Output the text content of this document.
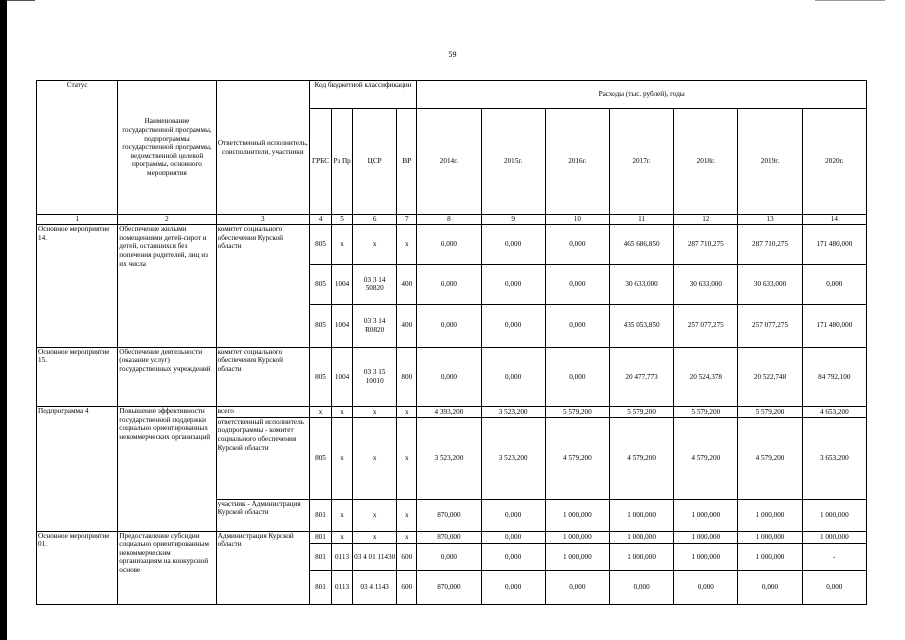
59
Статус	Наименование государственной программы, подпрограммы государственной программы, ведомственной целевой программы, основного мероприятия	Ответственный исполнитель, соисполнители, участники	Код бюджетной классификации				Расходы (тыс. рублей), годы						
			ГРБС	Рз Пр	ЦСР	ВР	2014г.	2015г.	2016г.	2017г.	2018г.	2019г.	2020г.
1	2	3	4	5	6	7	8	9	10	11	12	13	14
Основное мероприятие 14.	Обеспечение жилыми помещениями детей-сирот и детей, оставшихся без попечения родителей, лиц из их числа	комитет социального обеспечения Курской области	805	х	х	х	0,000	0,000	0,000	465 686,850	287 710,275	287 710,275	171 480,000
			805	1004	03 3 14 50820	400	0,000	0,000	0,000	30 633,000	30 633,000	30 633,000	0,000
			805	1004	03 3 14 R0820	400	0,000	0,000	0,000	435 053,850	257 077,275	257 077,275	171 480,000
Основное мероприятие 15.	Обеспечение деятельности (оказание услуг) государственных учреждений	комитет социального обеспечения Курской области	805	1004	03 3 15 10010	800	0,000	0,000	0,000	20 477,773	20 524,378	20 522,748	84 792,100
Подпрограмма 4	Повышение эффективности государственной поддержки социально ориентированных некоммерческих организаций	всего	х	х	х	х	4 393,200	3 523,200	5 579,200	5 579,200	5 579,200	5 579,200	4 653,200
		ответственный исполнитель подпрограммы - комитет социального обеспечения Курской области	805	х	х	х	3 523,200	3 523,200	4 579,200	4 579,200	4 579,200	4 579,200	3 653,200
		участник - Администрация Курской области	801	х	х	х	870,000	0,000	1 000,000	1 000,000	1 000,000	1 000,000	1 000,000
Основное мероприятие 01.	Предоставление субсидии социально ориентированным некоммерческим организациям на конкурсной основе	Администрация Курской области	801	х	х	х	870,000	0,000	1 000,000	1 000,000	1 000,000	1 000,000	1 000,000
			801	0113	03 4 01 11430	600	0,000	0,000	1 000,000	1 000,000	1 000,000	1 000,000	-
			801	0113	03 4 1143	600	870,000	0,000	0,000	0,000	0,000	0,000	0,000
